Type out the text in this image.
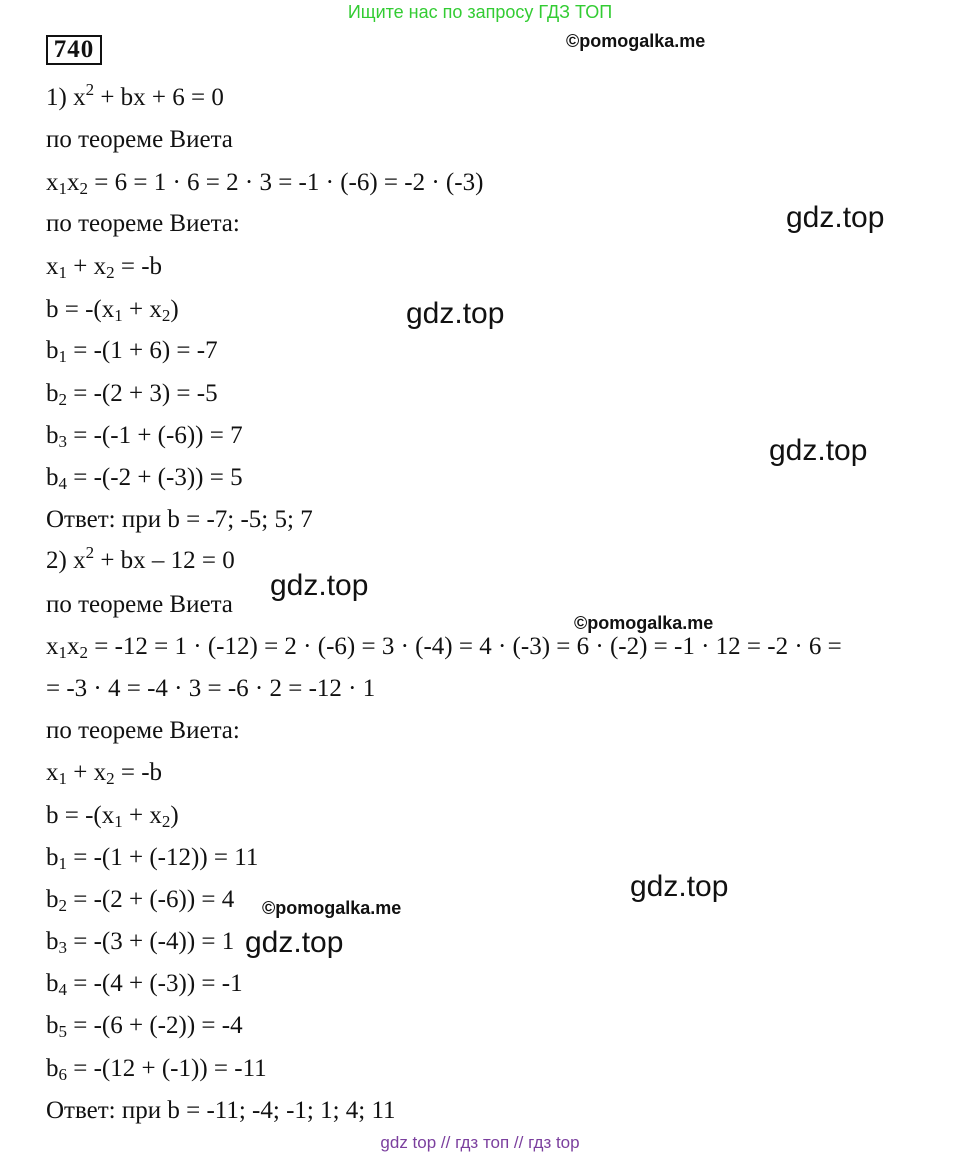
Ищите нас по запросу ГДЗ ТОП
740
1) $x^2$ + bx + 6 = 0
по теореме Виета
$x_1x_2 = 6 = 1 \cdot 6 = 2 \cdot 3 = -1 \cdot (-6) = -2 \cdot (-3)$
по теореме Виета:
$x_1 + x_2 = -b$
$b = -(x_1 + x_2)$
$b_1 = -(1 + 6) = -7$
$b_2 = -(2 + 3) = -5$
$b_3 = -(-1 + (-6)) = 7$
$b_4 = -(-2 + (-3)) = 5$
Ответ: при b = -7; -5; 5; 7
2) $x^2$ + bx – 12 = 0
по теореме Виета
$x_1x_2 = -12 = 1 \cdot (-12) = 2 \cdot (-6) = 3 \cdot (-4) = 4 \cdot (-3) = 6 \cdot (-2) = -1 \cdot 12 = -2 \cdot 6$ =
= -3 · 4 = -4 · 3 = -6 · 2 = -12 · 1
по теореме Виета:
$x_1 + x_2 = -b$
$b = -(x_1 + x_2)$
$b_1 = -(1 + (-12)) = 11$
$b_2 = -(2 + (-6)) = 4$
$b_3 = -(3 + (-4)) = 1$
$b_4 = -(4 + (-3)) = -1$
$b_5 = -(6 + (-2)) = -4$
$b_6 = -(12 + (-1)) = -11$
Ответ: при b = -11; -4; -1; 1; 4; 11
©pomogalka.me
gdz.top
gdz.top
gdz.top
gdz.top
©pomogalka.me
gdz.top
©pomogalka.me
gdz.top
gdz top // гдз топ // гдз top
